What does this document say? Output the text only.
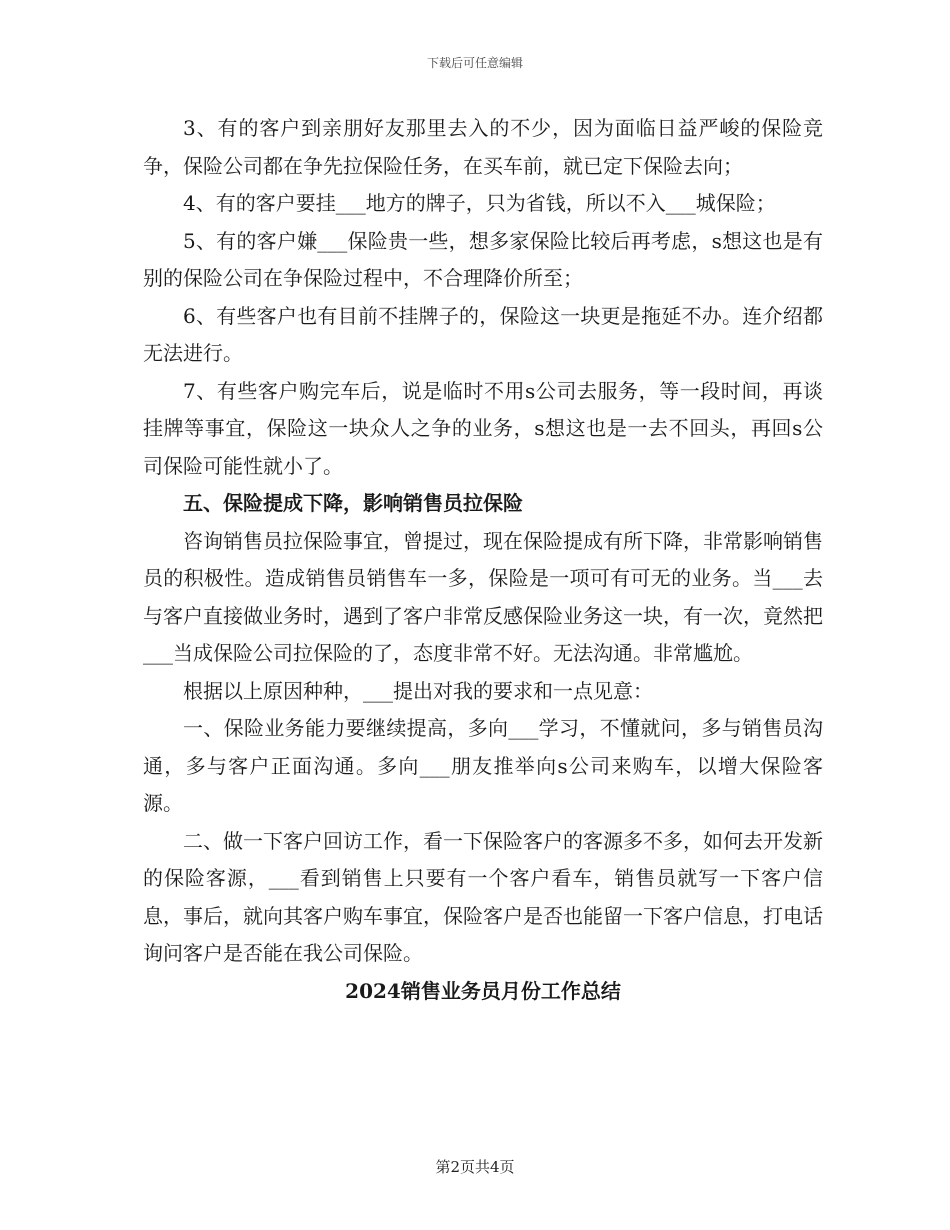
下载后可任意编辑

3、有的客户到亲朋好友那里去入的不少，因为面临日益严峻的保险竞争，保险公司都在争先拉保险任务，在买车前，就已定下保险去向；

4、有的客户要挂___地方的牌子，只为省钱，所以不入___城保险；

5、有的客户嫌___保险贵一些，想多家保险比较后再考虑，s想这也是有别的保险公司在争保险过程中，不合理降价所至；

6、有些客户也有目前不挂牌子的，保险这一块更是拖延不办。连介绍都无法进行。

7、有些客户购完车后，说是临时不用s公司去服务，等一段时间，再谈挂牌等事宜，保险这一块众人之争的业务，s想这也是一去不回头，再回s公司保险可能性就小了。

五、保险提成下降，影响销售员拉保险

咨询销售员拉保险事宜，曾提过，现在保险提成有所下降，非常影响销售员的积极性。造成销售员销售车一多，保险是一项可有可无的业务。当___去与客户直接做业务时，遇到了客户非常反感保险业务这一块，有一次，竟然把___当成保险公司拉保险的了，态度非常不好。无法沟通。非常尴尬。

根据以上原因种种，___提出对我的要求和一点见意：

一、保险业务能力要继续提高，多向___学习，不懂就问，多与销售员沟通，多与客户正面沟通。多向___朋友推举向s公司来购车，以增大保险客源。

二、做一下客户回访工作，看一下保险客户的客源多不多，如何去开发新的保险客源，___看到销售上只要有一个客户看车，销售员就写一下客户信息，事后，就向其客户购车事宜，保险客户是否也能留一下客户信息，打电话询问客户是否能在我公司保险。

2024销售业务员月份工作总结

第2页共4页
